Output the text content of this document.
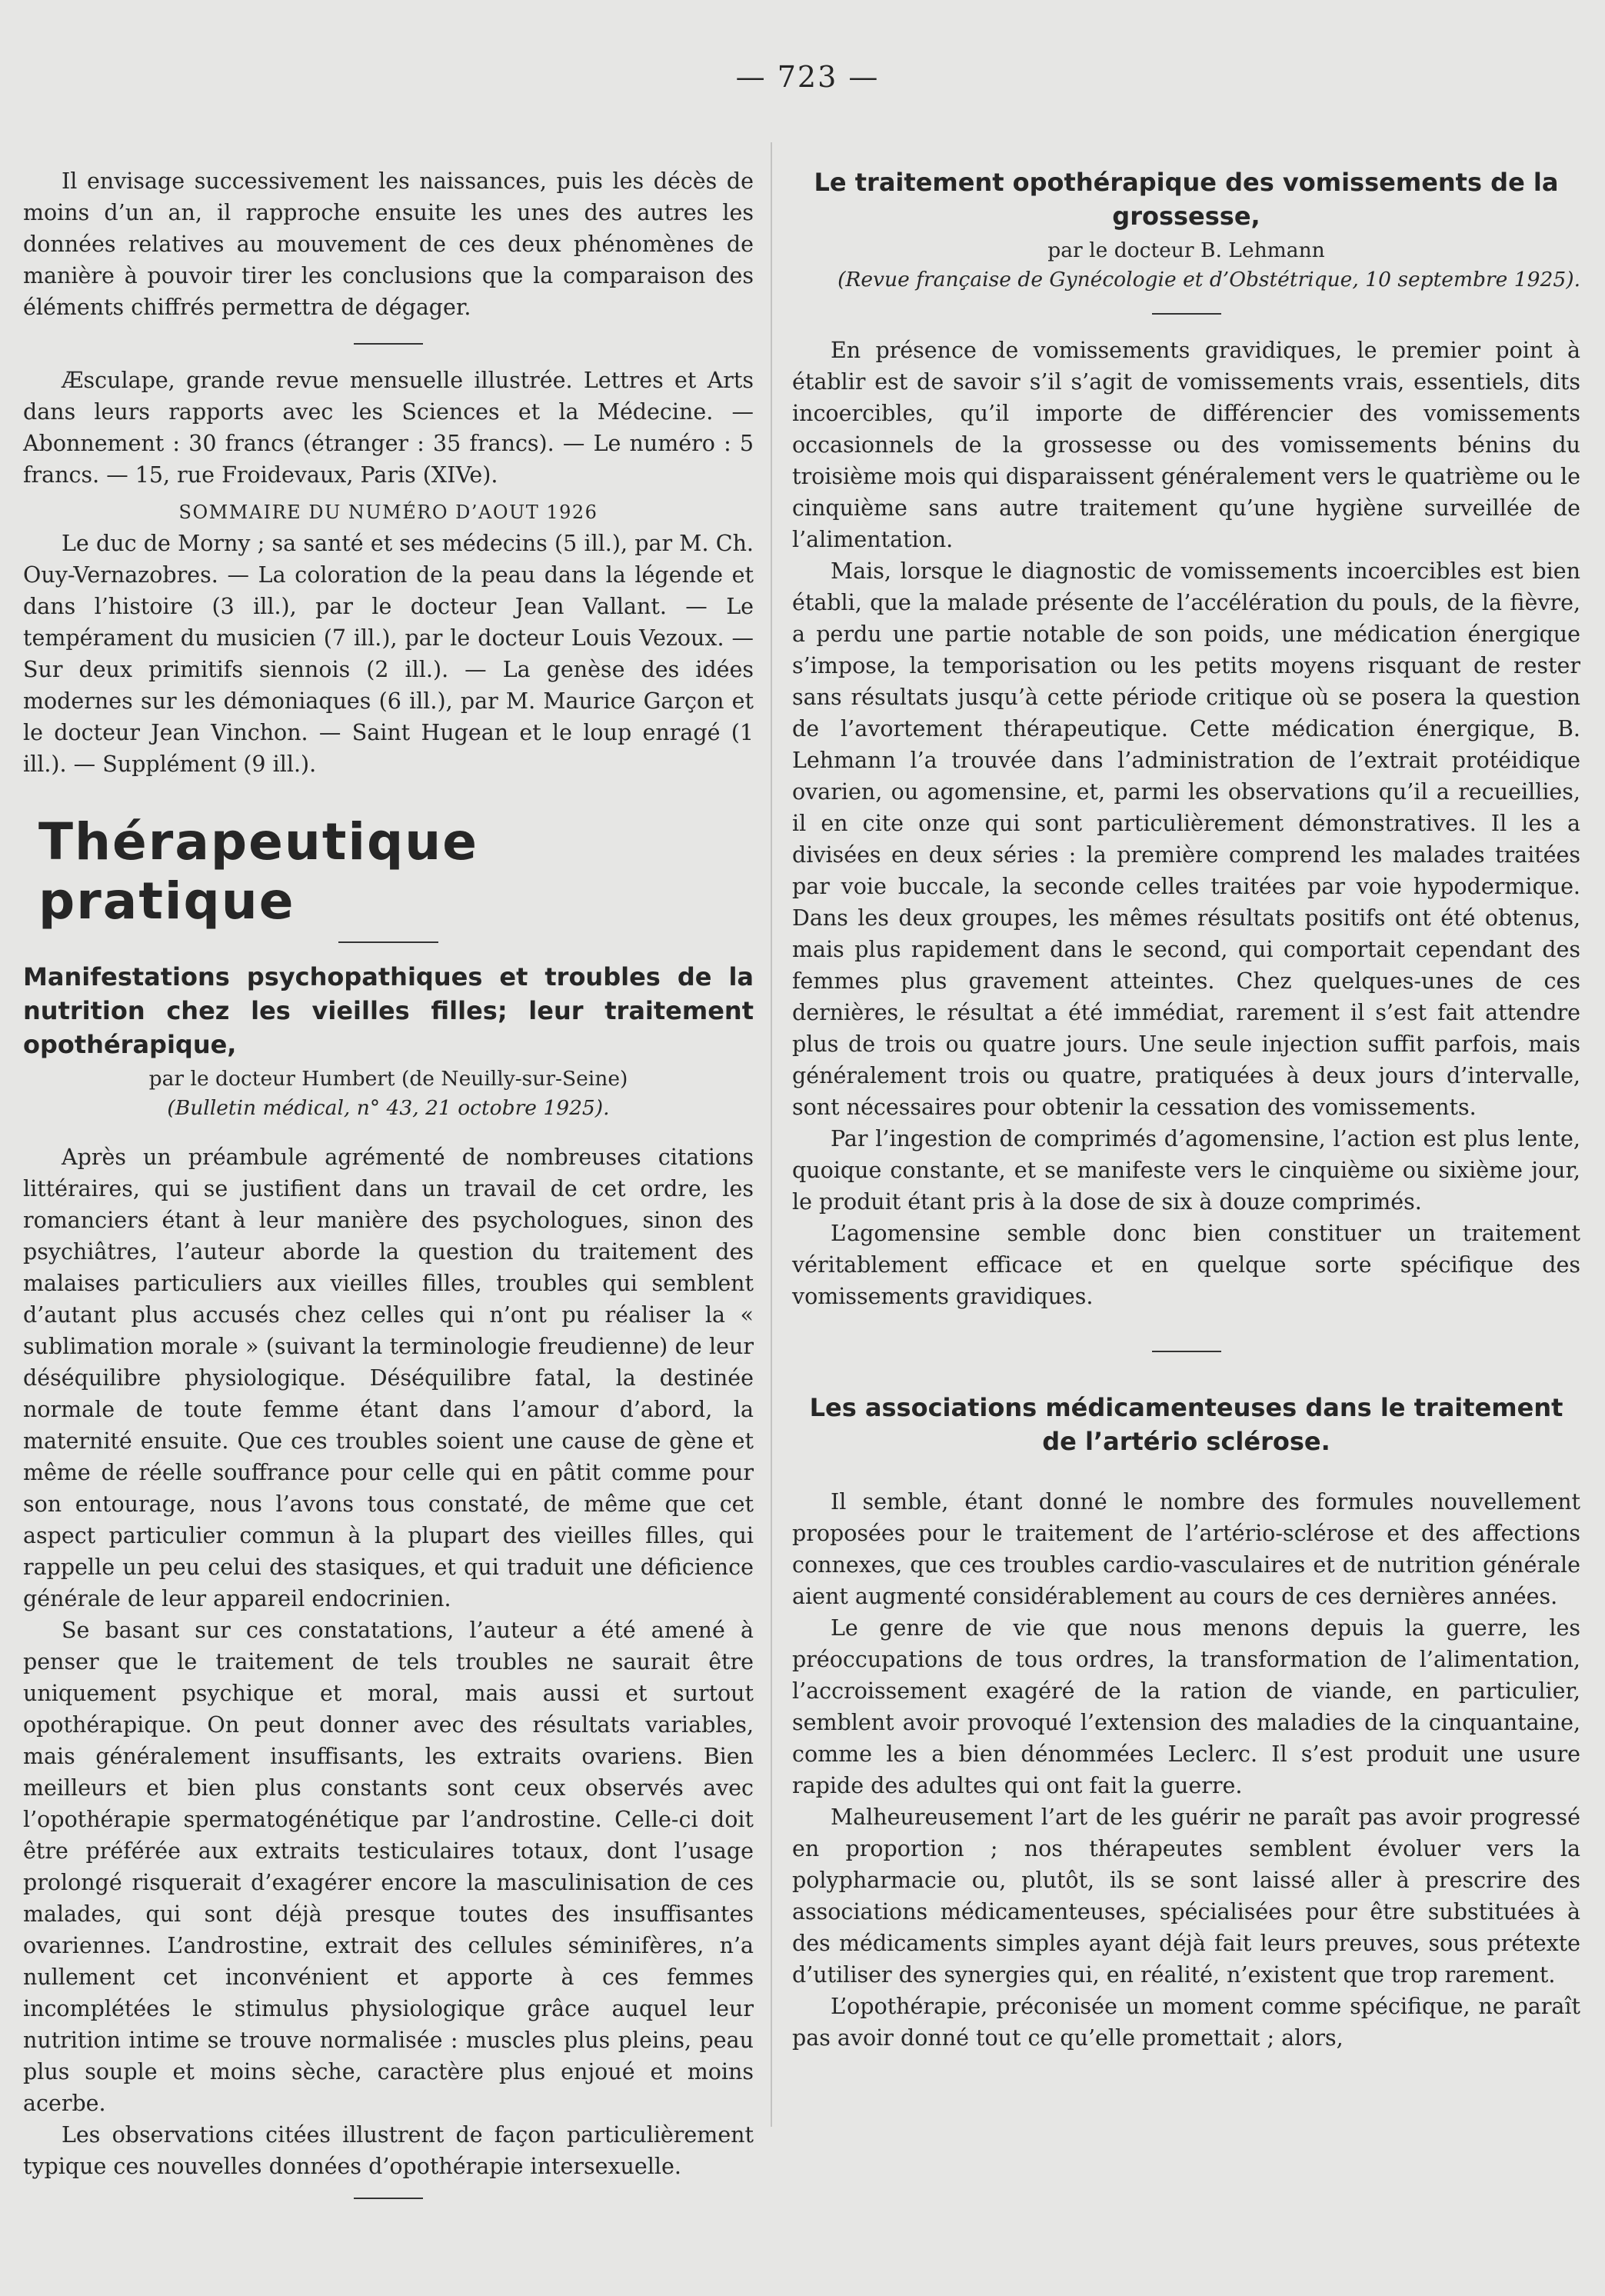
— 723 —

Il envisage successivement les naissances, puis les décès de moins d’un an, il rapproche ensuite les unes des autres les données relatives au mouvement de ces deux phénomènes de manière à pouvoir tirer les conclusions que la comparaison des éléments chiffrés permettra de dégager.

Æsculape, grande revue mensuelle illustrée. Lettres et Arts dans leurs rapports avec les Sciences et la Médecine. — Abonnement : 30 francs (étranger : 35 francs). — Le numéro : 5 francs. — 15, rue Froidevaux, Paris (XIVe).

SOMMAIRE DU NUMÉRO D’AOUT 1926

Le duc de Morny ; sa santé et ses médecins (5 ill.), par M. Ch. Ouy-Vernazobres. — La coloration de la peau dans la légende et dans l’histoire (3 ill.), par le docteur Jean Vallant. — Le tempérament du musicien (7 ill.), par le docteur Louis Vezoux. — Sur deux primitifs siennois (2 ill.). — La genèse des idées modernes sur les démoniaques (6 ill.), par M. Maurice Garçon et le docteur Jean Vinchon. — Saint Hugean et le loup enragé (1 ill.). — Supplément (9 ill.).

Thérapeutique pratique

Manifestations psychopathiques et troubles de la nutrition chez les vieilles filles; leur traitement opothérapique,

par le docteur Humbert (de Neuilly-sur-Seine)
(Bulletin médical, n° 43, 21 octobre 1925).

Après un préambule agrémenté de nombreuses citations littéraires, qui se justifient dans un travail de cet ordre, les romanciers étant à leur manière des psychologues, sinon des psychiâtres, l’auteur aborde la question du traitement des malaises particuliers aux vieilles filles, troubles qui semblent d’autant plus accusés chez celles qui n’ont pu réaliser la « sublimation morale » (suivant la terminologie freudienne) de leur déséquilibre physiologique. Déséquilibre fatal, la destinée normale de toute femme étant dans l’amour d’abord, la maternité ensuite. Que ces troubles soient une cause de gène et même de réelle souffrance pour celle qui en pâtit comme pour son entourage, nous l’avons tous constaté, de même que cet aspect particulier commun à la plupart des vieilles filles, qui rappelle un peu celui des stasiques, et qui traduit une déficience générale de leur appareil endocrinien.

Se basant sur ces constatations, l’auteur a été amené à penser que le traitement de tels troubles ne saurait être uniquement psychique et moral, mais aussi et surtout opothérapique. On peut donner avec des résultats variables, mais généralement insuffisants, les extraits ovariens. Bien meilleurs et bien plus constants sont ceux observés avec l’opothérapie spermatogénétique par l’androstine. Celle-ci doit être préférée aux extraits testiculaires totaux, dont l’usage prolongé risquerait d’exagérer encore la masculinisation de ces malades, qui sont déjà presque toutes des insuffisantes ovariennes. L’androstine, extrait des cellules séminifères, n’a nullement cet inconvénient et apporte à ces femmes incomplétées le stimulus physiologique grâce auquel leur nutrition intime se trouve normalisée : muscles plus pleins, peau plus souple et moins sèche, caractère plus enjoué et moins acerbe.

Les observations citées illustrent de façon particulièrement typique ces nouvelles données d’opothérapie intersexuelle.

Le traitement opothérapique des vomissements de la grossesse,

par le docteur B. Lehmann
(Revue française de Gynécologie et d’Obstétrique, 10 septembre 1925).

En présence de vomissements gravidiques, le premier point à établir est de savoir s’il s’agit de vomissements vrais, essentiels, dits incoercibles, qu’il importe de différencier des vomissements occasionnels de la grossesse ou des vomissements bénins du troisième mois qui disparaissent généralement vers le quatrième ou le cinquième sans autre traitement qu’une hygiène surveillée de l’alimentation.

Mais, lorsque le diagnostic de vomissements incoercibles est bien établi, que la malade présente de l’accélération du pouls, de la fièvre, a perdu une partie notable de son poids, une médication énergique s’impose, la temporisation ou les petits moyens risquant de rester sans résultats jusqu’à cette période critique où se posera la question de l’avortement thérapeutique. Cette médication énergique, B. Lehmann l’a trouvée dans l’administration de l’extrait protéidique ovarien, ou agomensine, et, parmi les observations qu’il a recueillies, il en cite onze qui sont particulièrement démonstratives. Il les a divisées en deux séries : la première comprend les malades traitées par voie buccale, la seconde celles traitées par voie hypodermique. Dans les deux groupes, les mêmes résultats positifs ont été obtenus, mais plus rapidement dans le second, qui comportait cependant des femmes plus gravement atteintes. Chez quelques-unes de ces dernières, le résultat a été immédiat, rarement il s’est fait attendre plus de trois ou quatre jours. Une seule injection suffit parfois, mais généralement trois ou quatre, pratiquées à deux jours d’intervalle, sont nécessaires pour obtenir la cessation des vomissements.

Par l’ingestion de comprimés d’agomensine, l’action est plus lente, quoique constante, et se manifeste vers le cinquième ou sixième jour, le produit étant pris à la dose de six à douze comprimés.

L’agomensine semble donc bien constituer un traitement véritablement efficace et en quelque sorte spécifique des vomissements gravidiques.

Les associations médicamenteuses dans le traitement de l’artério sclérose.

Il semble, étant donné le nombre des formules nouvellement proposées pour le traitement de l’artério-sclérose et des affections connexes, que ces troubles cardio-vasculaires et de nutrition générale aient augmenté considérablement au cours de ces dernières années.

Le genre de vie que nous menons depuis la guerre, les préoccupations de tous ordres, la transformation de l’alimentation, l’accroissement exagéré de la ration de viande, en particulier, semblent avoir provoqué l’extension des maladies de la cinquantaine, comme les a bien dénommées Leclerc. Il s’est produit une usure rapide des adultes qui ont fait la guerre.

Malheureusement l’art de les guérir ne paraît pas avoir progressé en proportion ; nos thérapeutes semblent évoluer vers la polypharmacie ou, plutôt, ils se sont laissé aller à prescrire des associations médicamenteuses, spécialisées pour être substituées à des médicaments simples ayant déjà fait leurs preuves, sous prétexte d’utiliser des synergies qui, en réalité, n’existent que trop rarement.

L’opothérapie, préconisée un moment comme spécifique, ne paraît pas avoir donné tout ce qu’elle promettait ; alors,
